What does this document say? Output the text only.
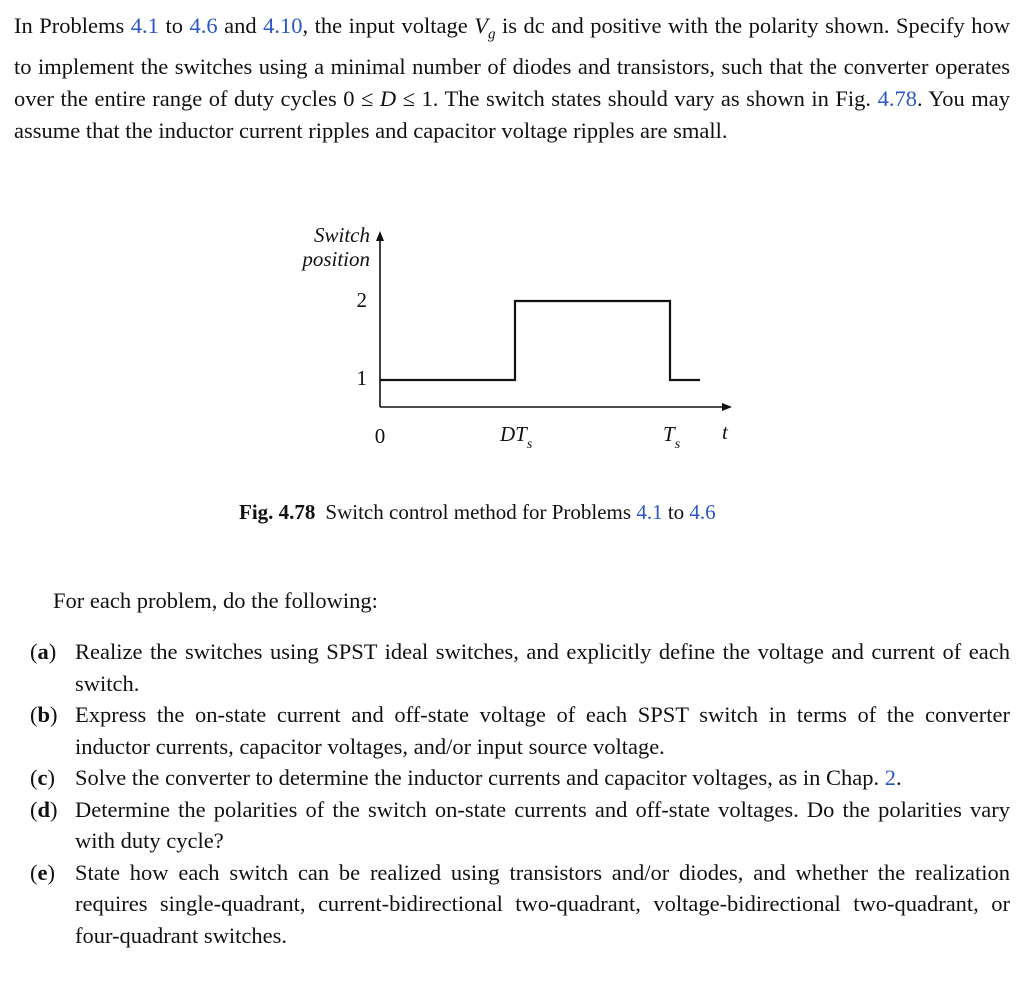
In Problems 4.1 to 4.6 and 4.10, the input voltage $V_g$ is dc and positive with the polarity shown. Specify how to implement the switches using a minimal number of diodes and transistors, such that the converter operates over the entire range of duty cycles 0 ≤ D ≤ 1. The switch states should vary as shown in Fig. 4.78. You may assume that the inductor current ripples and capacitor voltage ripples are small.

Switch
position
2
1
0	$DT_s$	$T_s$
t
Fig. 4.78 Switch control method for Problems 4.1 to 4.6

For each problem, do the following:

(a) Realize the switches using SPST ideal switches, and explicitly define the voltage and current of each switch.
(b) Express the on-state current and off-state voltage of each SPST switch in terms of the converter inductor currents, capacitor voltages, and/or input source voltage.
(c) Solve the converter to determine the inductor currents and capacitor voltages, as in Chap. 2.
(d) Determine the polarities of the switch on-state currents and off-state voltages. Do the polarities vary with duty cycle?
(e) State how each switch can be realized using transistors and/or diodes, and whether the realization requires single-quadrant, current-bidirectional two-quadrant, voltage-bidirectional two-quadrant, or four-quadrant switches.
